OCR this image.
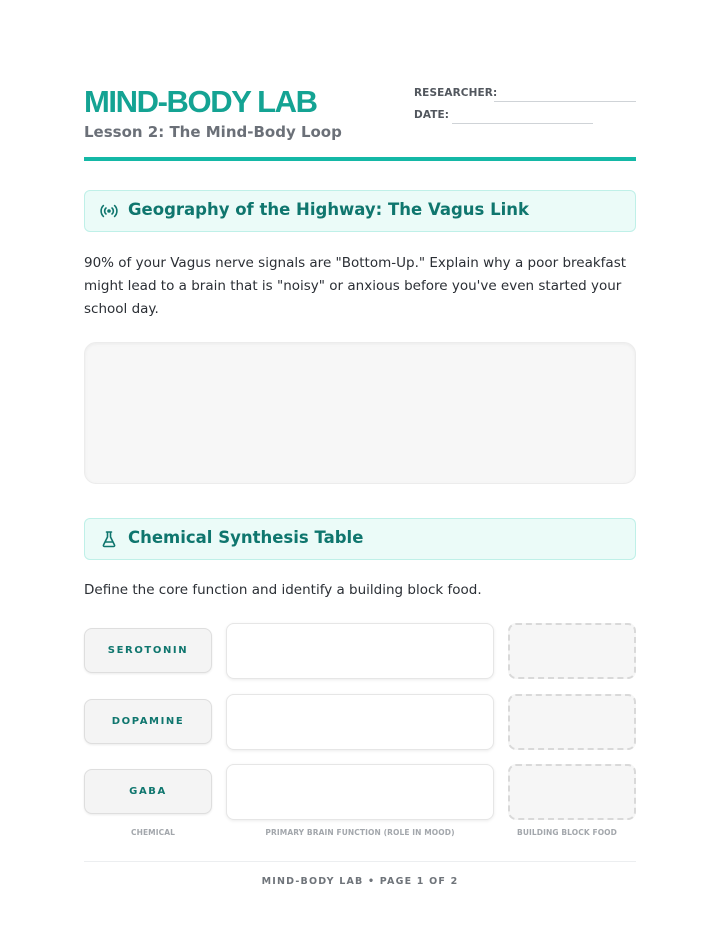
MIND-BODY LAB
Lesson 2: The Mind-Body Loop
RESEARCHER:
DATE:
Geography of the Highway: The Vagus Link
90% of your Vagus nerve signals are "Bottom-Up." Explain why a poor breakfast might lead to a brain that is "noisy" or anxious before you've even started your school day.
Chemical Synthesis Table
Define the core function and identify a building block food.
SEROTONIN
DOPAMINE
GABA
CHEMICAL	PRIMARY BRAIN FUNCTION (ROLE IN MOOD)	BUILDING BLOCK FOOD
MIND-BODY LAB • PAGE 1 OF 2
